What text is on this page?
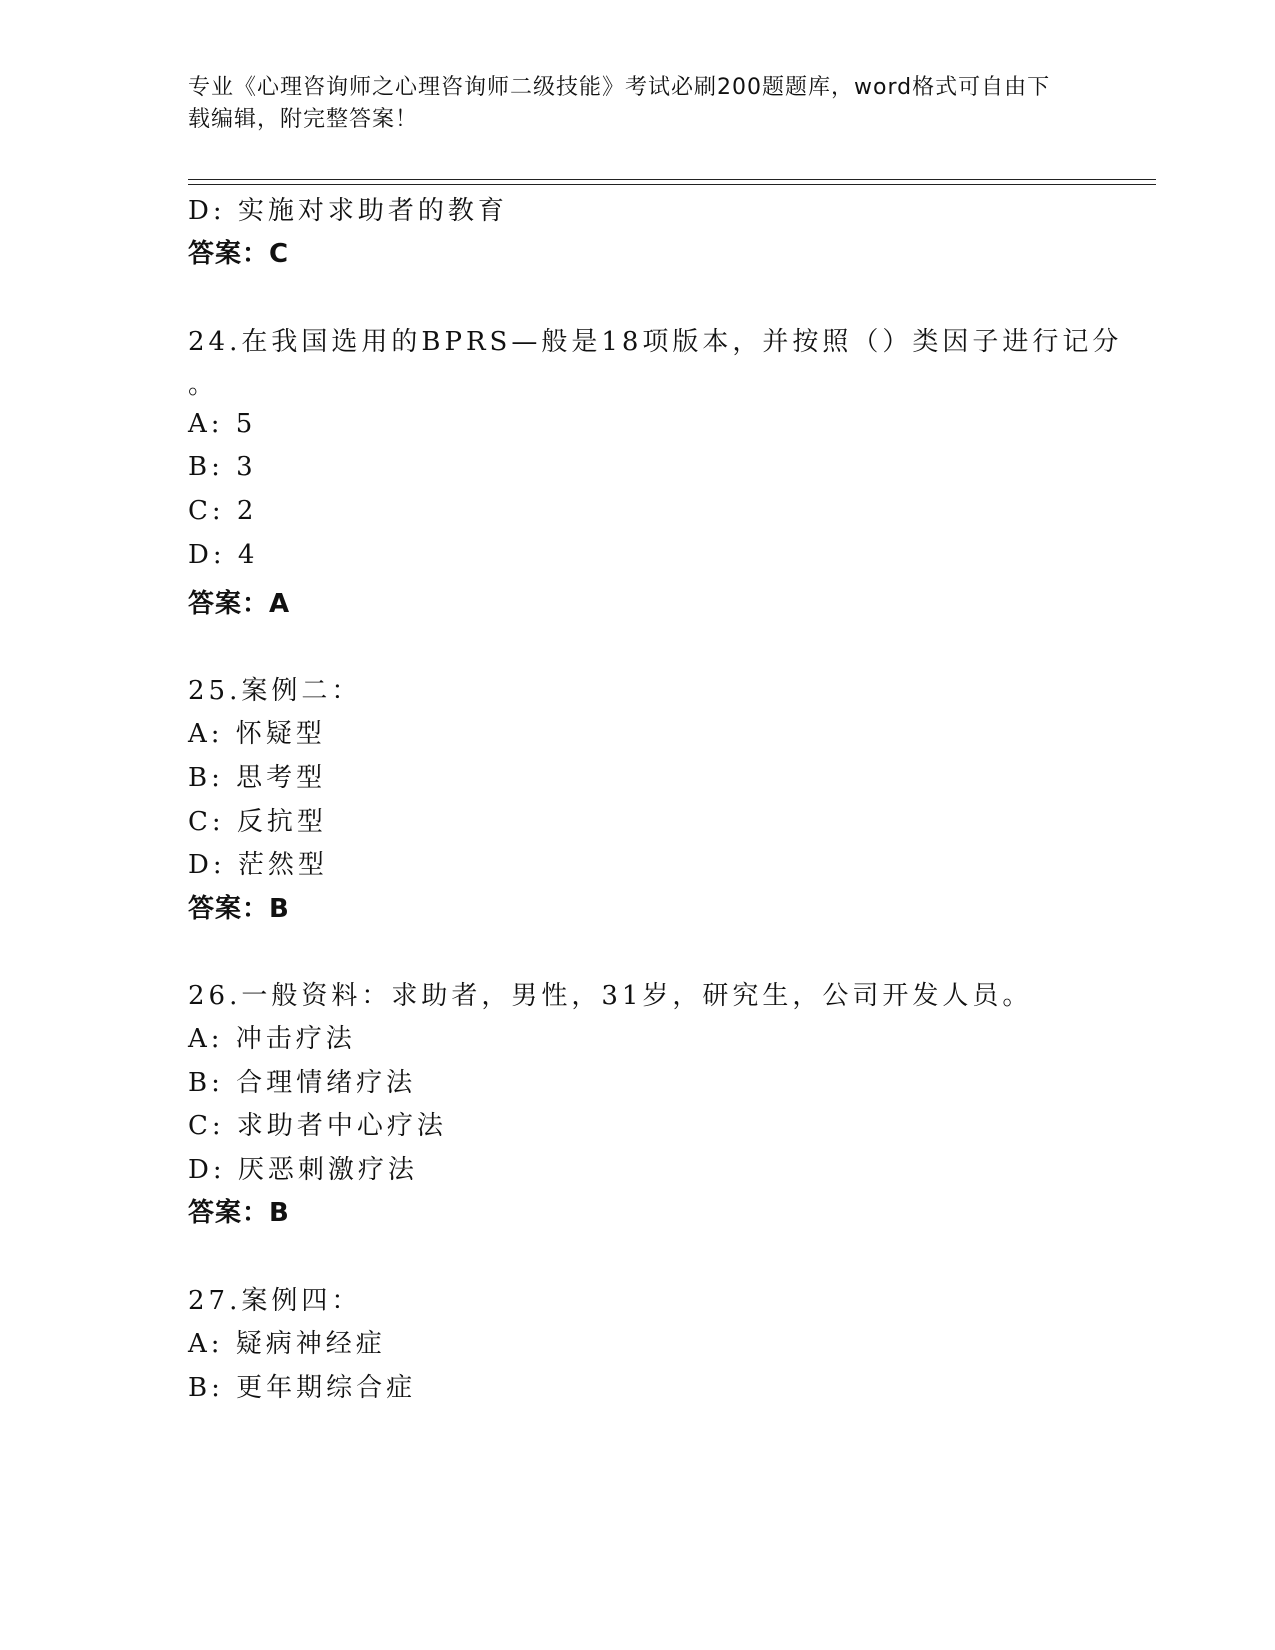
专业《心理咨询师之心理咨询师二级技能》考试必刷200题题库，word格式可自由下载编辑，附完整答案！
D: 实施对求助者的教育
答案：C
24.在我国选用的BPRS—般是18项版本，并按照（）类因子进行记分
。
A: 5
B: 3
C: 2
D: 4
答案：A
25.案例二：
A: 怀疑型
B: 思考型
C: 反抗型
D: 茫然型
答案：B
26.一般资料：求助者，男性，31岁，研究生，公司开发人员。
A: 冲击疗法
B: 合理情绪疗法
C: 求助者中心疗法
D: 厌恶刺激疗法
答案：B
27.案例四：
A: 疑病神经症
B: 更年期综合症
